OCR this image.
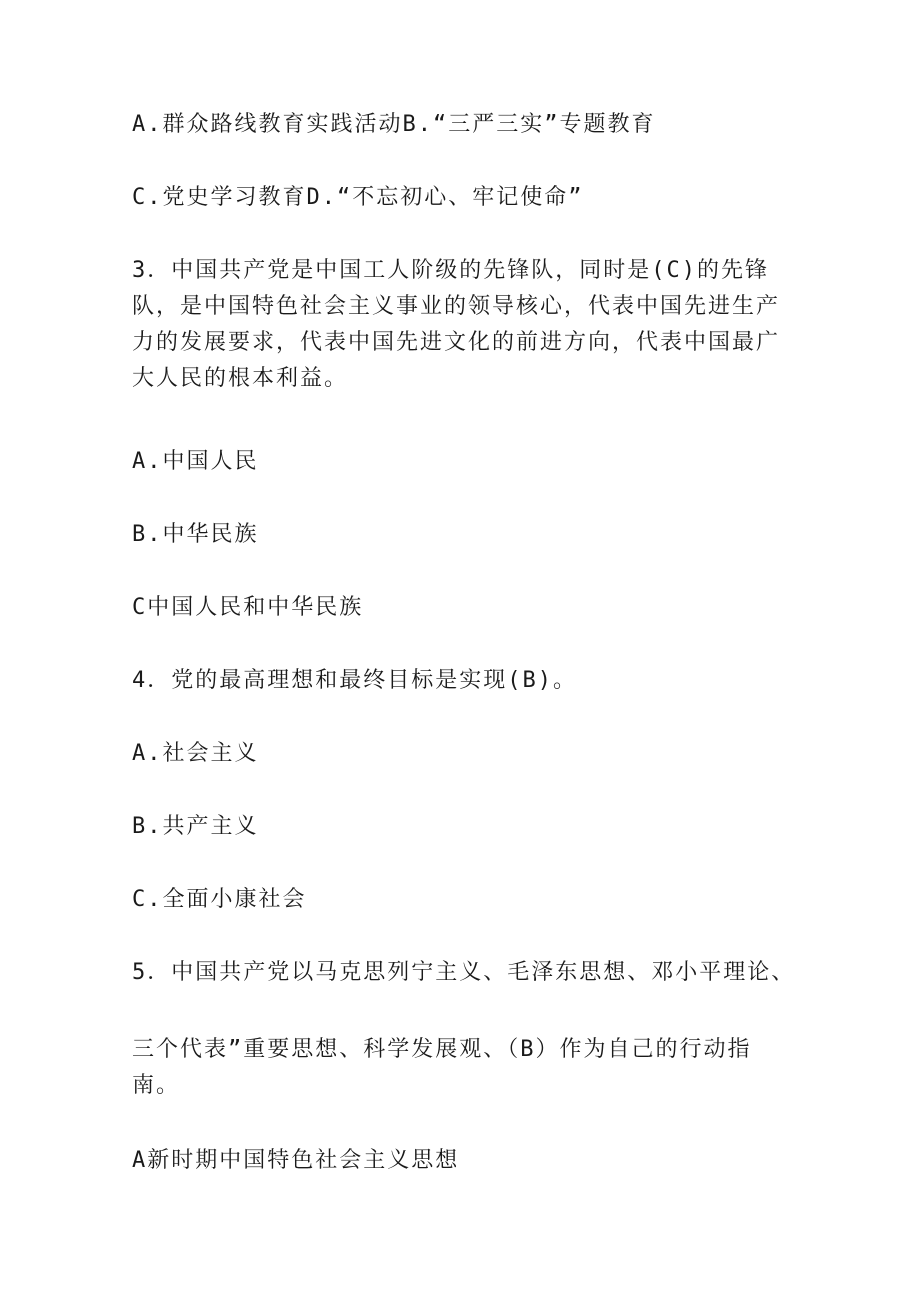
A.群众路线教育实践活动B.“三严三实”专题教育
C.党史学习教育D.“不忘初心、牢记使命”
3．中国共产党是中国工人阶级的先锋队，同时是(C)的先锋队，是中国特色社会主义事业的领导核心，代表中国先进生产力的发展要求，代表中国先进文化的前进方向，代表中国最广大人民的根本利益。
A.中国人民
B.中华民族
C中国人民和中华民族
4．党的最高理想和最终目标是实现(B)。
A.社会主义
B.共产主义
C.全面小康社会
5．中国共产党以马克思列宁主义、毛泽东思想、邓小平理论、
三个代表”重要思想、科学发展观、（B）作为自己的行动指南。
A新时期中国特色社会主义思想
